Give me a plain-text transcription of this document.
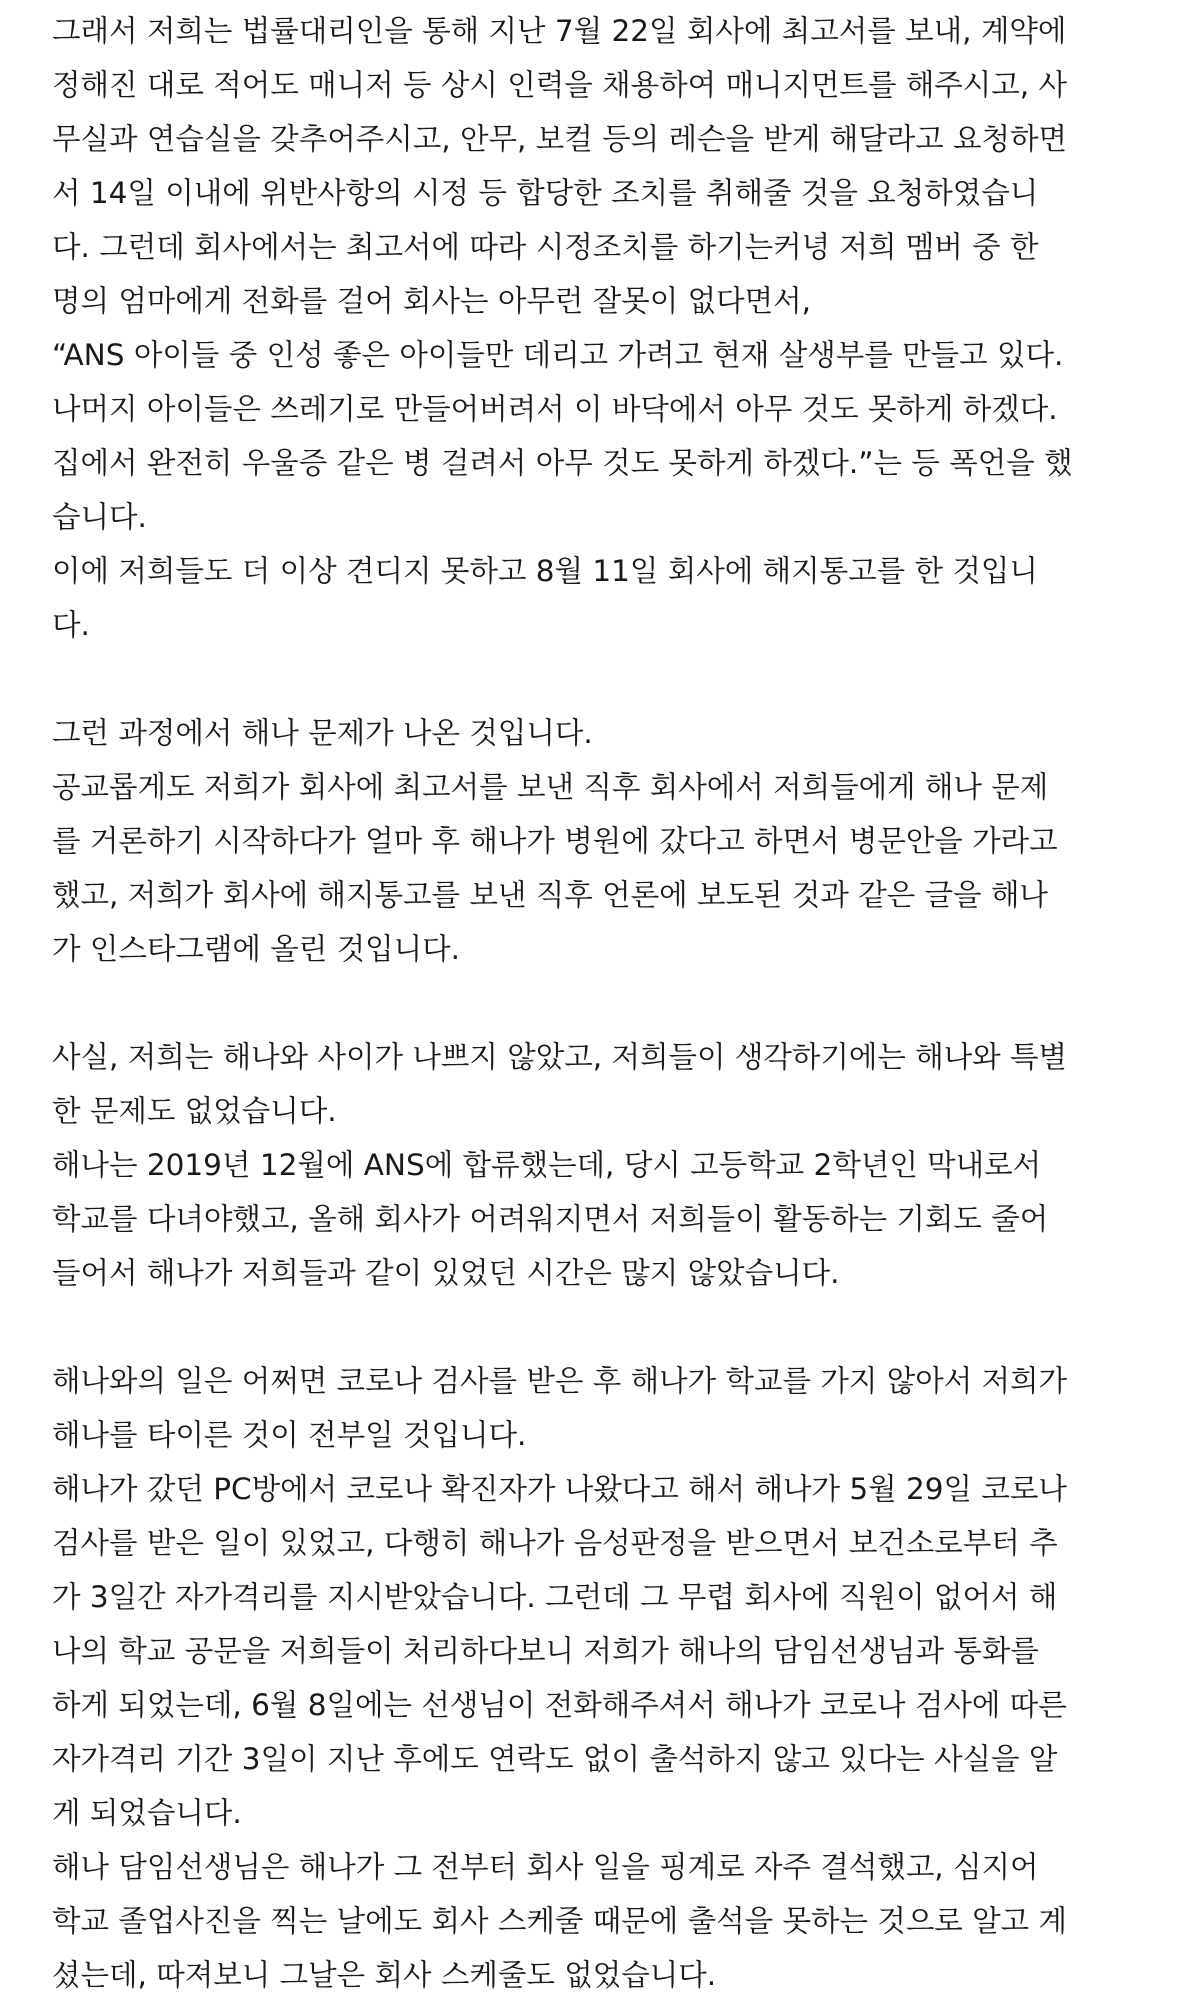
그래서 저희는 법률대리인을 통해 지난 7월 22일 회사에 최고서를 보내, 계약에
정해진 대로 적어도 매니저 등 상시 인력을 채용하여 매니지먼트를 해주시고, 사
무실과 연습실을 갖추어주시고, 안무, 보컬 등의 레슨을 받게 해달라고 요청하면
서 14일 이내에 위반사항의 시정 등 합당한 조치를 취해줄 것을 요청하였습니
다. 그런데 회사에서는 최고서에 따라 시정조치를 하기는커녕 저희 멤버 중 한
명의 엄마에게 전화를 걸어 회사는 아무런 잘못이 없다면서,
“ANS 아이들 중 인성 좋은 아이들만 데리고 가려고 현재 살생부를 만들고 있다.
나머지 아이들은 쓰레기로 만들어버려서 이 바닥에서 아무 것도 못하게 하겠다.
집에서 완전히 우울증 같은 병 걸려서 아무 것도 못하게 하겠다.”는 등 폭언을 했
습니다.
이에 저희들도 더 이상 견디지 못하고 8월 11일 회사에 해지통고를 한 것입니
다.
그런 과정에서 해나 문제가 나온 것입니다.
공교롭게도 저희가 회사에 최고서를 보낸 직후 회사에서 저희들에게 해나 문제
를 거론하기 시작하다가 얼마 후 해나가 병원에 갔다고 하면서 병문안을 가라고
했고, 저희가 회사에 해지통고를 보낸 직후 언론에 보도된 것과 같은 글을 해나
가 인스타그램에 올린 것입니다.
사실, 저희는 해나와 사이가 나쁘지 않았고, 저희들이 생각하기에는 해나와 특별
한 문제도 없었습니다.
해나는 2019년 12월에 ANS에 합류했는데, 당시 고등학교 2학년인 막내로서
학교를 다녀야했고, 올해 회사가 어려워지면서 저희들이 활동하는 기회도 줄어
들어서 해나가 저희들과 같이 있었던 시간은 많지 않았습니다.
해나와의 일은 어쩌면 코로나 검사를 받은 후 해나가 학교를 가지 않아서 저희가
해나를 타이른 것이 전부일 것입니다.
해나가 갔던 PC방에서 코로나 확진자가 나왔다고 해서 해나가 5월 29일 코로나
검사를 받은 일이 있었고, 다행히 해나가 음성판정을 받으면서 보건소로부터 추
가 3일간 자가격리를 지시받았습니다. 그런데 그 무렵 회사에 직원이 없어서 해
나의 학교 공문을 저희들이 처리하다보니 저희가 해나의 담임선생님과 통화를
하게 되었는데, 6월 8일에는 선생님이 전화해주셔서 해나가 코로나 검사에 따른
자가격리 기간 3일이 지난 후에도 연락도 없이 출석하지 않고 있다는 사실을 알
게 되었습니다.
해나 담임선생님은 해나가 그 전부터 회사 일을 핑계로 자주 결석했고, 심지어
학교 졸업사진을 찍는 날에도 회사 스케줄 때문에 출석을 못하는 것으로 알고 계
셨는데, 따져보니 그날은 회사 스케줄도 없었습니다.
